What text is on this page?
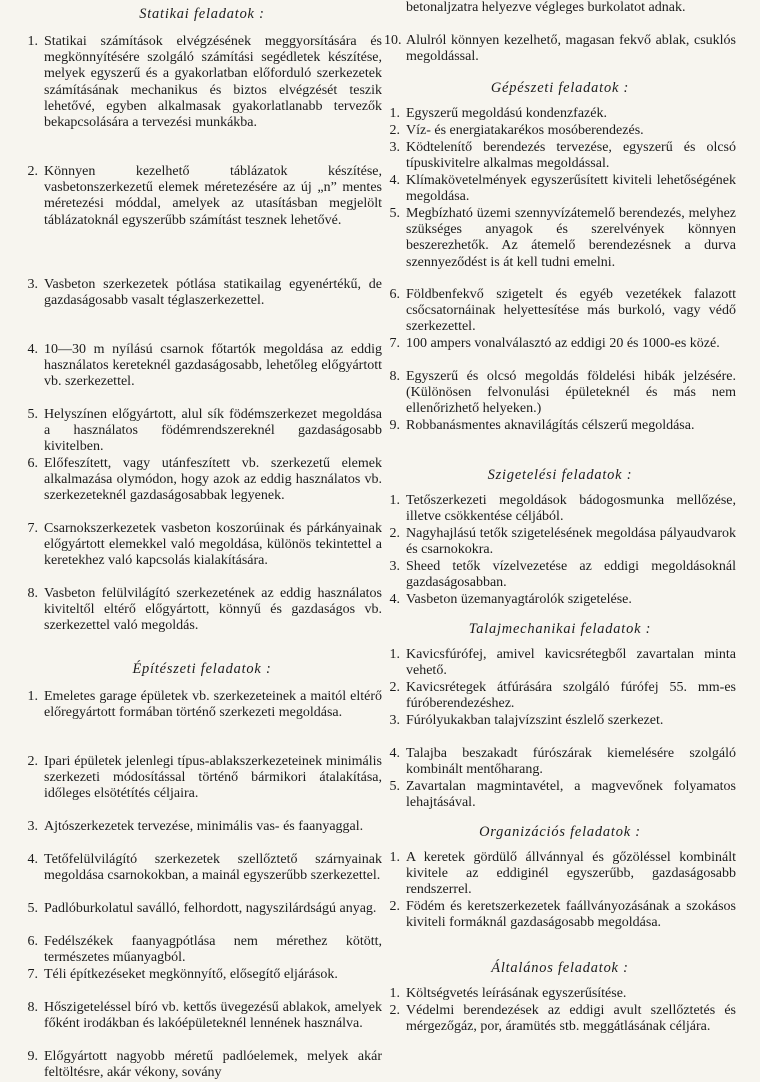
Statikai feladatok :
1. Statikai számítások elvégzésének meggyorsítására és megkönnyítésére szolgáló számítási segédletek készítése, melyek egyszerű és a gyakorlatban előforduló szerkezetek számításának mechanikus és biztos elvégzését teszik lehetővé, egyben alkalmasak gyakorlatlanabb tervezők bekapcsolására a tervezési munkákba.
2. Könnyen kezelhető táblázatok készítése, vasbetonszerkezetű elemek méretezésére az új „n” mentes méretezési móddal, amelyek az utasításban megjelölt táblázatoknál egyszerűbb számítást tesznek lehetővé.
3. Vasbeton szerkezetek pótlása statikailag egyenértékű, de gazdaságosabb vasalt téglaszerkezettel.
4. 10—30 m nyílású csarnok főtartók megoldása az eddig használatos kereteknél gazdaságosabb, lehetőleg előgyártott vb. szerkezettel.
5. Helyszínen előgyártott, alul sík födémszerkezet megoldása a használatos födémrendszereknél gazdaságosabb kivitelben.
6. Előfeszített, vagy utánfeszített vb. szerkezetű elemek alkalmazása olymódon, hogy azok az eddig használatos vb. szerkezeteknél gazdaságosabbak legyenek.
7. Csarnokszerkezetek vasbeton koszorúinak és párkányainak előgyártott elemekkel való megoldása, különös tekintettel a keretekhez való kapcsolás kialakítására.
8. Vasbeton felülvilágító szerkezetének az eddig használatos kiviteltől eltérő előgyártott, könnyű és gazdaságos vb. szerkezettel való megoldás.
Építészeti feladatok :
1. Emeletes garage épületek vb. szerkezeteinek a maitól eltérő előregyártott formában történő szerkezeti megoldása.
2. Ipari épületek jelenlegi típus-ablakszerkezeteinek minimális szerkezeti módosítással történő bármikori átalakítása, időleges elsötétítés céljaira.
3. Ajtószerkezetek tervezése, minimális vas- és faanyaggal.
4. Tetőfelülvilágító szerkezetek szellőztető szárnyainak megoldása csarnokokban, a mainál egyszerűbb szerkezettel.
5. Padlóburkolatul saválló, felhordott, nagyszilárdságú anyag.
6. Fedélszékek faanyagpótlása nem mérethez kötött, természetes műanyagból.
7. Téli építkezéseket megkönnyítő, elősegítő eljárások.
8. Hőszigeteléssel bíró vb. kettős üvegezésű ablakok, amelyek főként irodákban és lakóépületeknél lennének használva.
9. Előgyártott nagyobb méretű padlóelemek, melyek akár feltöltésre, akár vékony, sovány
betonaljzatra helyezve végleges burkolatot adnak.
10. Alulról könnyen kezelhető, magasan fekvő ablak, csuklós megoldással.
Gépészeti feladatok :
1. Egyszerű megoldású kondenzfazék.
2. Víz- és energiatakarékos mosóberendezés.
3. Ködtelenítő berendezés tervezése, egyszerű és olcsó típuskivitelre alkalmas megoldással.
4. Klímakövetelmények egyszerűsített kiviteli lehetőségének megoldása.
5. Megbízható üzemi szennyvízátemelő berendezés, melyhez szükséges anyagok és szerelvények könnyen beszerezhetők. Az átemelő berendezésnek a durva szennyeződést is át kell tudni emelni.
6. Földbenfekvő szigetelt és egyéb vezetékek falazott csőcsatornáinak helyettesítése más burkoló, vagy védő szerkezettel.
7. 100 ampers vonalválasztó az eddigi 20 és 1000-es közé.
8. Egyszerű és olcsó megoldás földelési hibák jelzésére. (Különösen felvonulási épületeknél és más nem ellenőrizhető helyeken.)
9. Robbanásmentes aknavilágítás célszerű megoldása.
Szigetelési feladatok :
1. Tetőszerkezeti megoldások bádogosmunka mellőzése, illetve csökkentése céljából.
2. Nagyhajlású tetők szigetelésének megoldása pályaudvarok és csarnokokra.
3. Sheed tetők vízelvezetése az eddigi megoldásoknál gazdaságosabban.
4. Vasbeton üzemanyagtárolók szigetelése.
Talajmechanikai feladatok :
1. Kavicsfúrófej, amivel kavicsrétegből zavartalan minta vehető.
2. Kavicsrétegek átfúrására szolgáló fúrófej 55. mm-es fúróberendezéshez.
3. Fúrólyukakban talajvízszint észlelő szerkezet.
4. Talajba beszakadt fúrószárak kiemelésére szolgáló kombinált mentőharang.
5. Zavartalan magmintavétel, a magvevőnek folyamatos lehajtásával.
Organizációs feladatok :
1. A keretek gördülő állvánnyal és gőzöléssel kombinált kivitele az eddiginél egyszerűbb, gazdaságosabb rendszerrel.
2. Födém és keretszerkezetek faállványozásának a szokásos kiviteli formáknál gazdaságosabb megoldása.
Általános feladatok :
1. Költségvetés leírásának egyszerűsítése.
2. Védelmi berendezések az eddigi avult szellőztetés és mérgezőgáz, por, áramütés stb. meggátlásának céljára.
